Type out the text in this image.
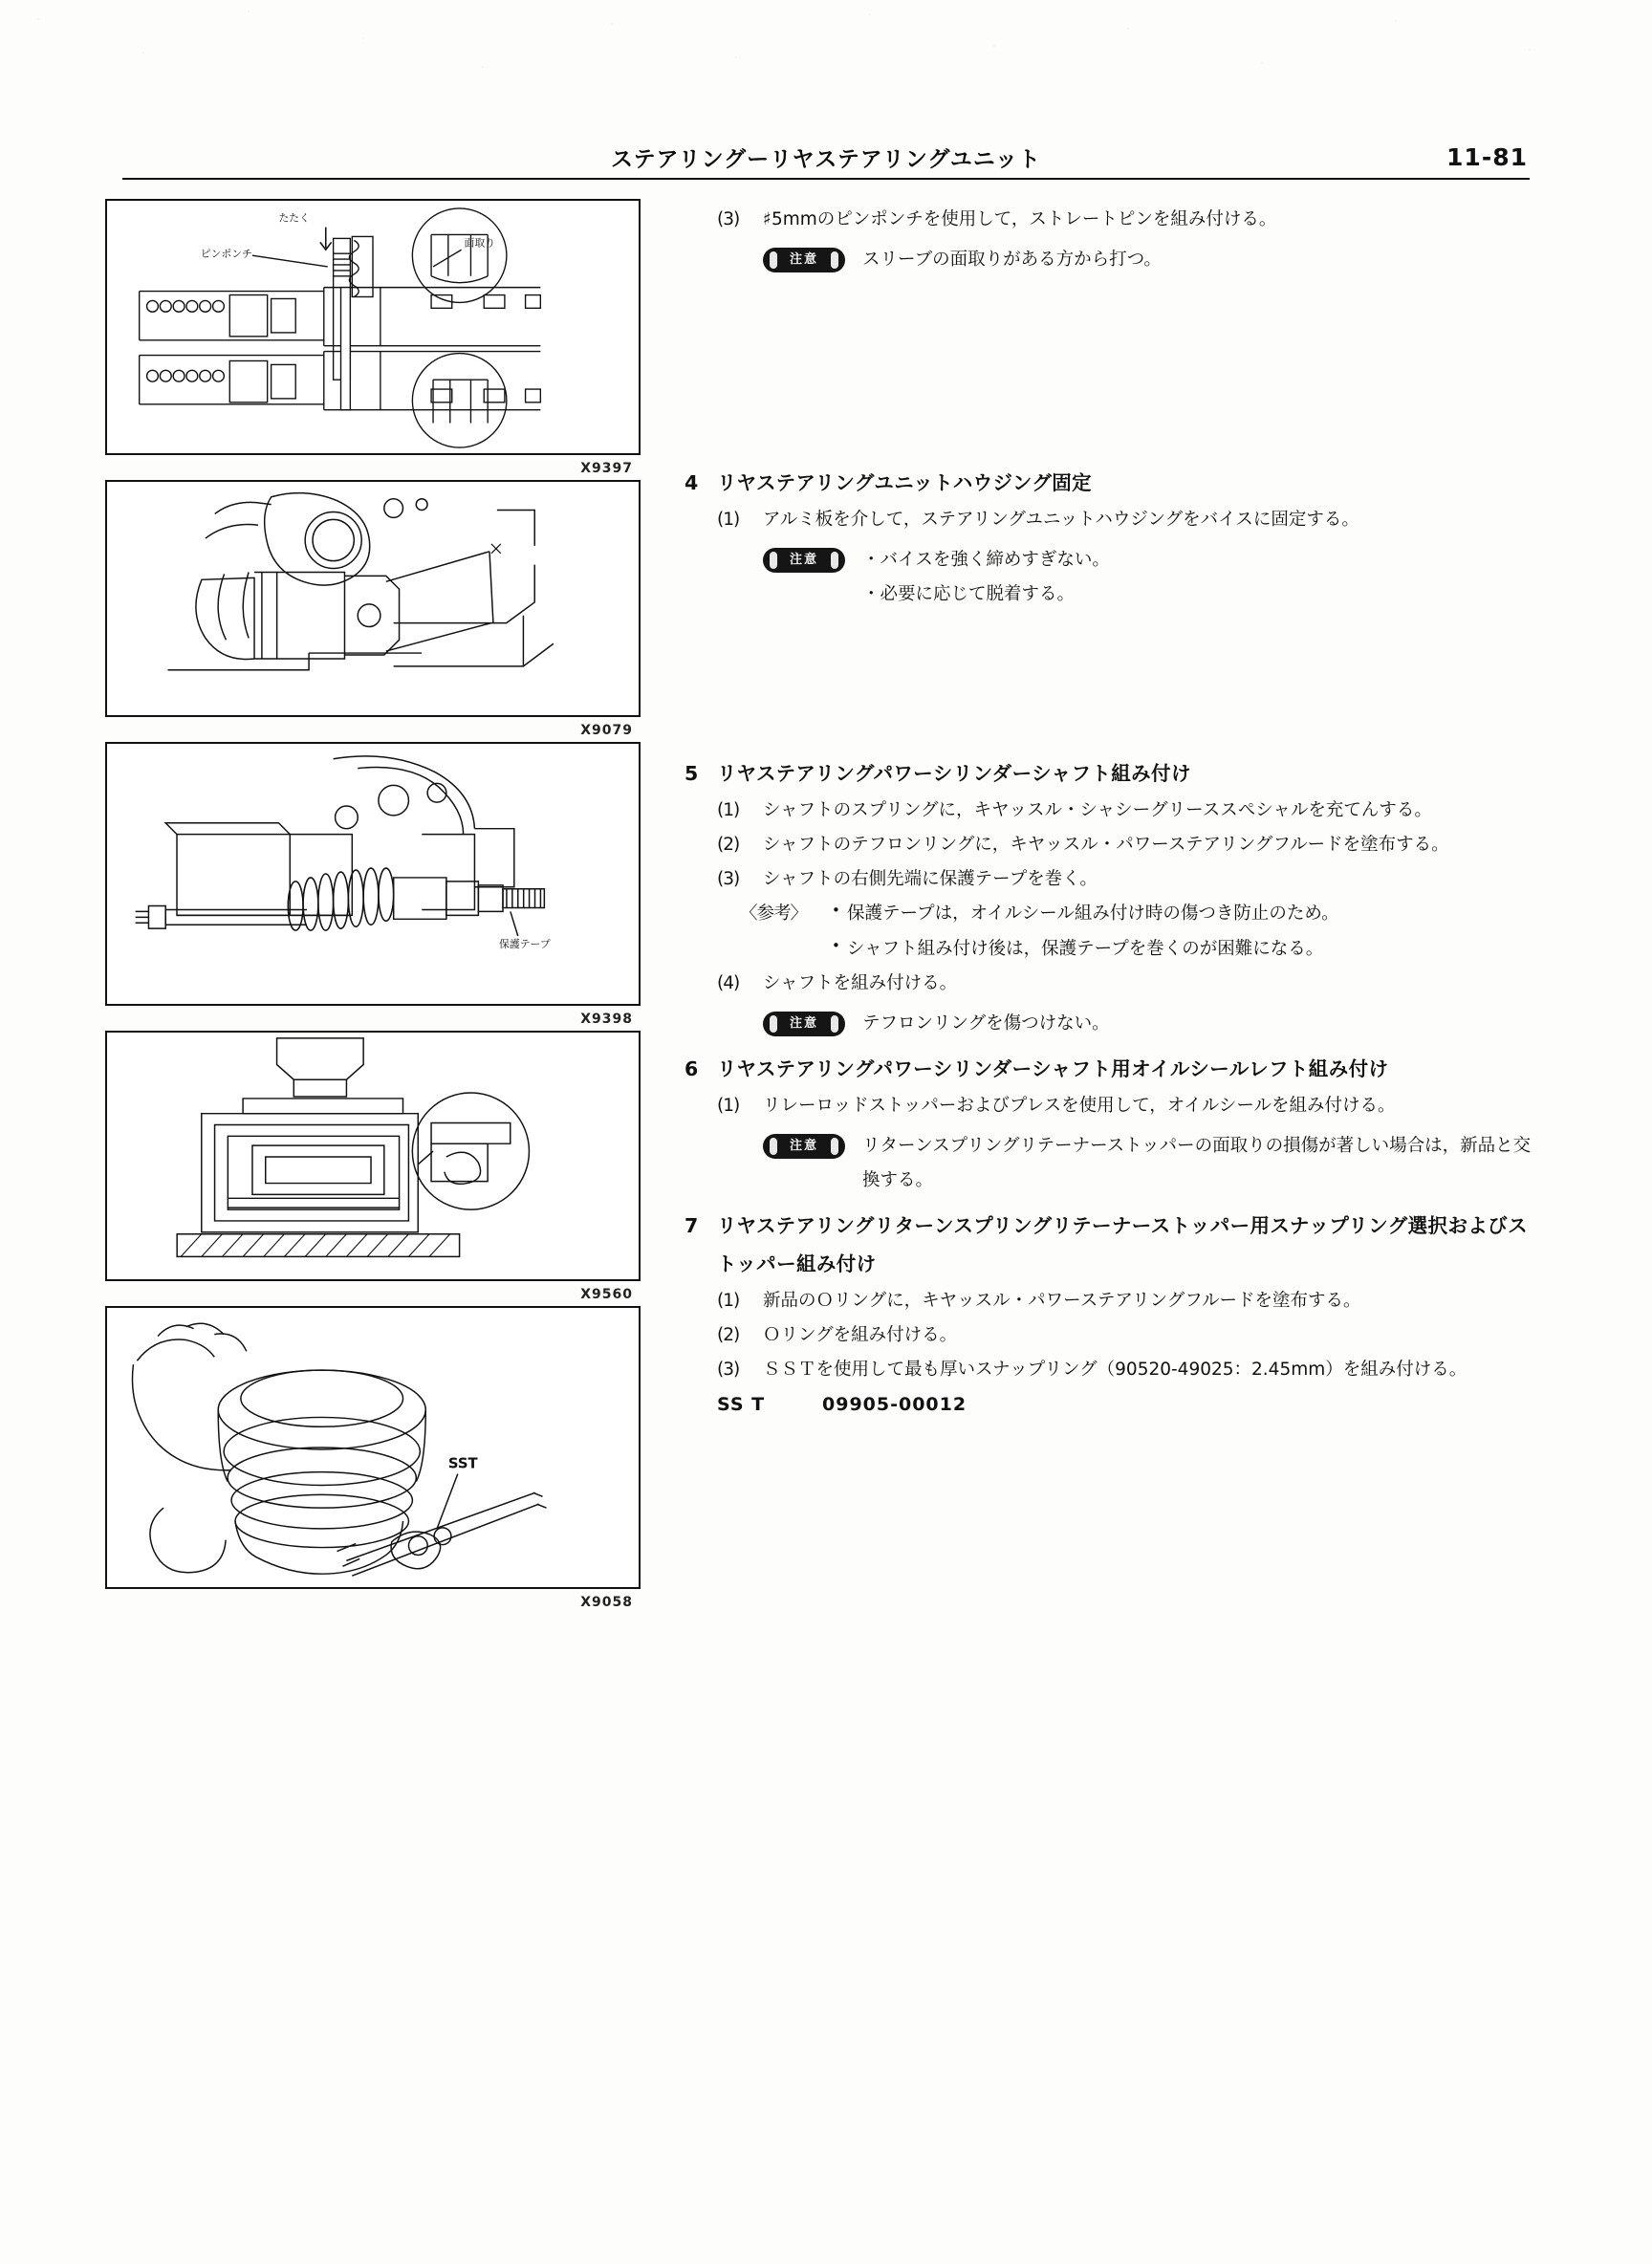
ステアリングーリヤステアリングユニット	11-81
たたく
ピンポンチ
面取り
X9397
X9079
保護テープ
X9398
X9560
SST
X9058
(3)	♯5mmのピンポンチを使用して，ストレートピンを組み付ける。
注意 スリーブの面取りがある方から打つ。
4 リヤステアリングユニットハウジング固定
(1)	アルミ板を介して，ステアリングユニットハウジングをバイスに固定する。
注意 ・バイスを強く締めすぎない。
・必要に応じて脱着する。
5 リヤステアリングパワーシリンダーシャフト組み付け
(1)	シャフトのスプリングに，キヤッスル・シャシーグリーススペシャルを充てんする。
(2)	シャフトのテフロンリングに，キヤッスル・パワーステアリングフルードを塗布する。
(3)	シャフトの右側先端に保護テープを巻く。
〈参考〉	• 保護テープは，オイルシール組み付け時の傷つき防止のため。
• シャフト組み付け後は，保護テープを巻くのが困難になる。
(4)	シャフトを組み付ける。
注意 テフロンリングを傷つけない。
6 リヤステアリングパワーシリンダーシャフト用オイルシールレフト組み付け
(1)	リレーロッドストッパーおよびプレスを使用して，オイルシールを組み付ける。
注意 リターンスプリングリテーナーストッパーの面取りの損傷が著しい場合は，新品と交換する。
7 リヤステアリングリターンスプリングリテーナーストッパー用スナップリング選択およびストッパー組み付け
(1)	新品のＯリングに，キヤッスル・パワーステアリングフルードを塗布する。
(2)	Ｏリングを組み付ける。
(3)	ＳＳＴを使用して最も厚いスナップリング（90520-49025：2.45mm）を組み付ける。
SS T	09905-00012
